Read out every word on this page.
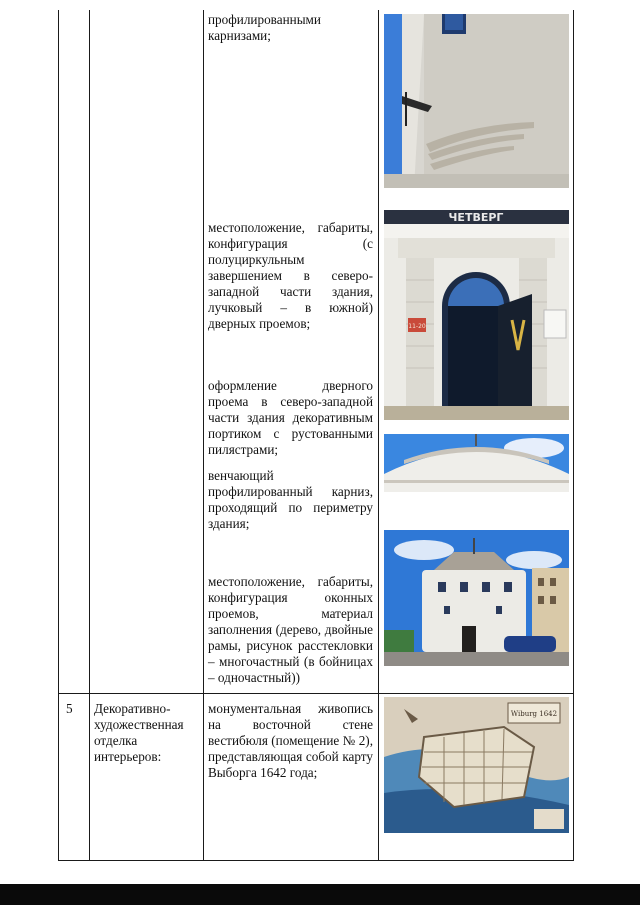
профилированными карнизами;
местоположение, габариты, конфигурация (с полуциркульным завершением в северо-западной части здания, лучковый – в южной) дверных проемов;
оформление дверного проема в северо-западной части здания декоративным портиком с рустованными пилястрами;
венчающий профилированный карниз, проходящий по периметру здания;
местоположение, габариты, конфигурация оконных проемов, материал заполнения (дерево, двойные рамы, рисунок расстекловки – многочастный (в бойницах – одночастный))
5	Декоративно-художественная отделка интерьеров:
монументальная живопись на восточной стене вестибюля (помещение № 2), представляющая собой карту Выборга 1642 года;
ЧЕТВЕРГ
11-20
Wiburg 1642
